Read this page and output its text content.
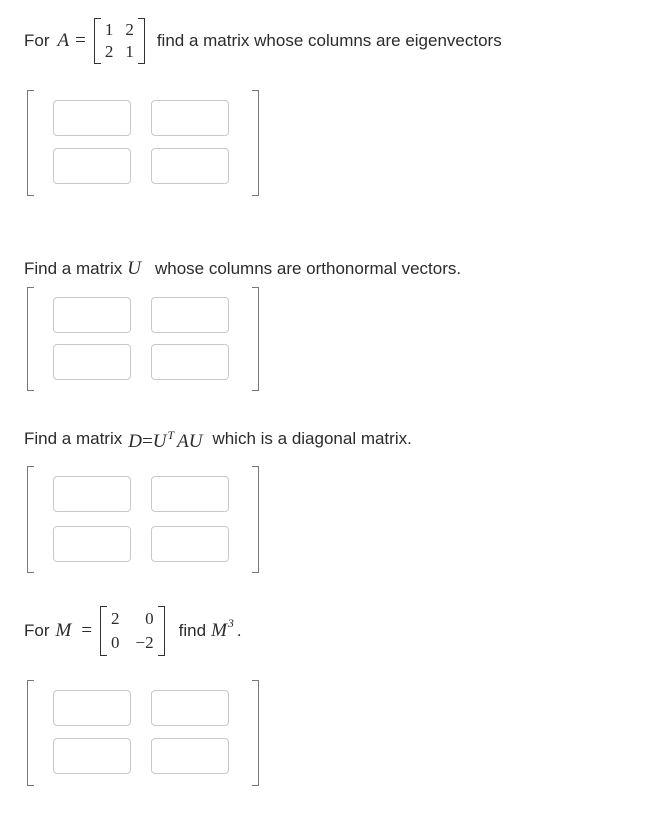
For A =
1 2
2 1
find a matrix whose columns are eigenvectors
Find a matrix U whose columns are orthonormal vectors.
Find a matrix D = U T AU which is a diagonal matrix.
For M =
2	0
0 −2
find M 3 .
